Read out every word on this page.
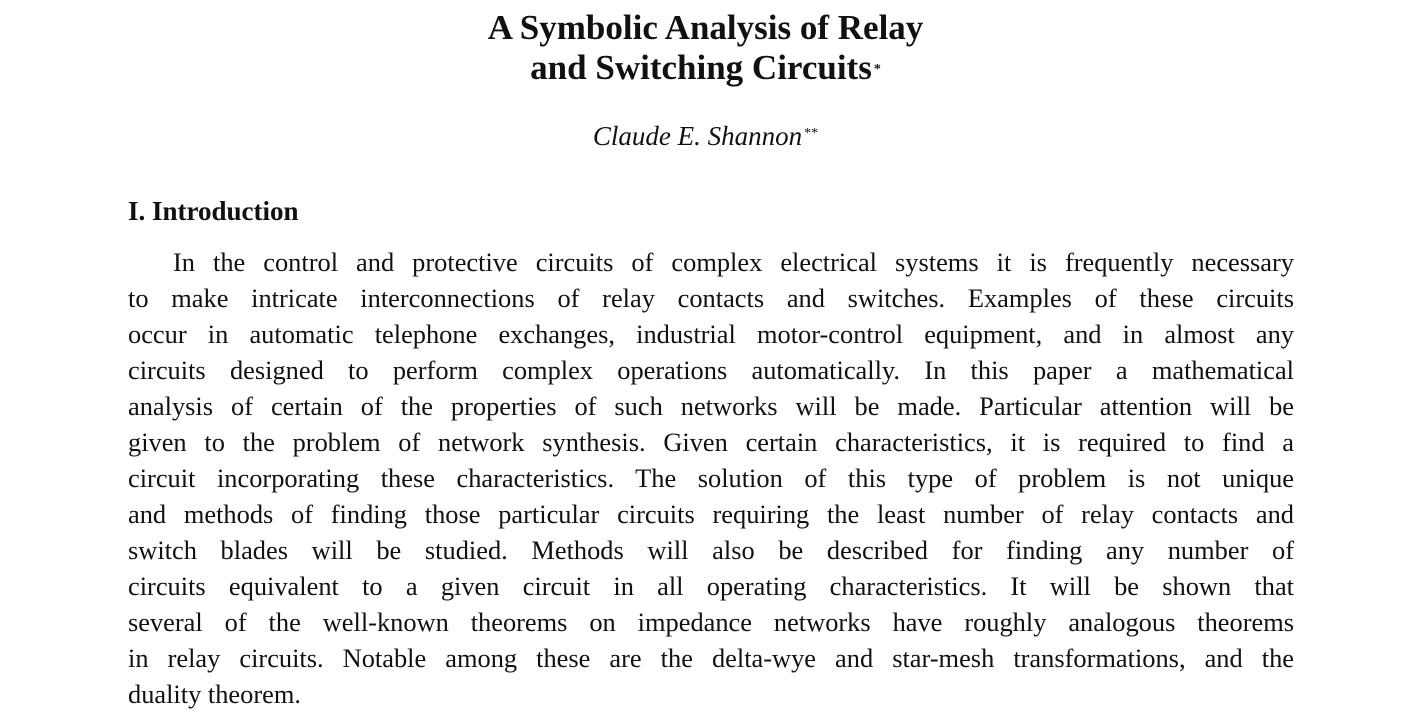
A Symbolic Analysis of Relay
and Switching Circuits *

Claude E. Shannon **

I. Introduction
In the control and protective circuits of complex electrical systems it is frequently necessary
to make intricate interconnections of relay contacts and switches. Examples of these circuits
occur in automatic telephone exchanges, industrial motor-control equipment, and in almost any
circuits designed to perform complex operations automatically. In this paper a mathematical
analysis of certain of the properties of such networks will be made. Particular attention will be
given to the problem of network synthesis. Given certain characteristics, it is required to find a
circuit incorporating these characteristics. The solution of this type of problem is not unique
and methods of finding those particular circuits requiring the least number of relay contacts and
switch blades will be studied. Methods will also be described for finding any number of
circuits equivalent to a given circuit in all operating characteristics. It will be shown that
several of the well-known theorems on impedance networks have roughly analogous theorems
in relay circuits. Notable among these are the delta-wye and star-mesh transformations, and the
duality theorem.
